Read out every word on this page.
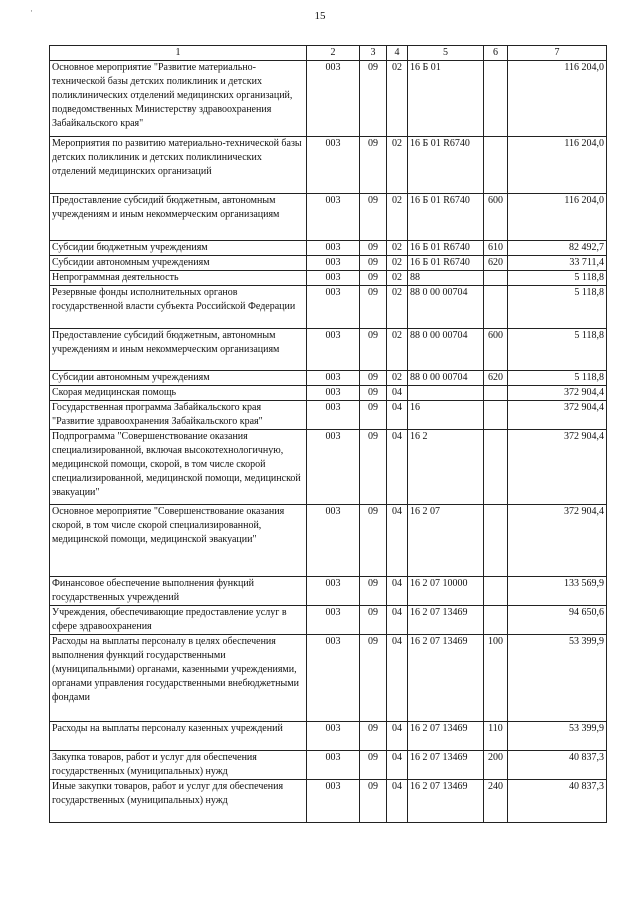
·	15
1	2	3	4	5	6	7
Основное мероприятие "Развитие материально-технической базы детских поликлиник и детских поликлинических отделений медицинских организаций, подведомственных Министерству здравоохранения Забайкальского края"	003	09	02	16 Б 01		116 204,0
Мероприятия по развитию материально-технической базы детских поликлиник и детских поликлинических отделений медицинских организаций	003	09	02	16 Б 01 R6740		116 204,0
Предоставление субсидий бюджетным, автономным учреждениям и иным некоммерческим организациям	003	09	02	16 Б 01 R6740	600	116 204,0
Субсидии бюджетным учреждениям	003	09	02	16 Б 01 R6740	610	82 492,7
Субсидии автономным учреждениям	003	09	02	16 Б 01 R6740	620	33 711,4
Непрограммная деятельность	003	09	02	88		5 118,8
Резервные фонды исполнительных органов государственной власти субъекта Российской Федерации	003	09	02	88 0 00 00704		5 118,8
Предоставление субсидий бюджетным, автономным учреждениям и иным некоммерческим организациям	003	09	02	88 0 00 00704	600	5 118,8
Субсидии автономным учреждениям	003	09	02	88 0 00 00704	620	5 118,8
Скорая медицинская помощь	003	09	04			372 904,4
Государственная программа Забайкальского края "Развитие здравоохранения Забайкальского края"	003	09	04	16		372 904,4
Подпрограмма "Совершенствование оказания специализированной, включая высокотехнологичную, медицинской помощи, скорой, в том числе скорой специализированной, медицинской помощи, медицинской эвакуации"	003	09	04	16 2		372 904,4
Основное мероприятие "Совершенствование оказания скорой, в том числе скорой специализированной, медицинской помощи, медицинской эвакуации"	003	09	04	16 2 07		372 904,4
Финансовое обеспечение выполнения функций государственных учреждений	003	09	04	16 2 07 10000		133 569,9
Учреждения, обеспечивающие предоставление услуг в сфере здравоохранения	003	09	04	16 2 07 13469		94 650,6
Расходы на выплаты персоналу в целях обеспечения выполнения функций государственными (муниципальными) органами, казенными учреждениями, органами управления государственными внебюджетными фондами	003	09	04	16 2 07 13469	100	53 399,9
Расходы на выплаты персоналу казенных учреждений	003	09	04	16 2 07 13469	110	53 399,9
Закупка товаров, работ и услуг для обеспечения государственных (муниципальных) нужд	003	09	04	16 2 07 13469	200	40 837,3
Иные закупки товаров, работ и услуг для обеспечения государственных (муниципальных) нужд	003	09	04	16 2 07 13469	240	40 837,3
